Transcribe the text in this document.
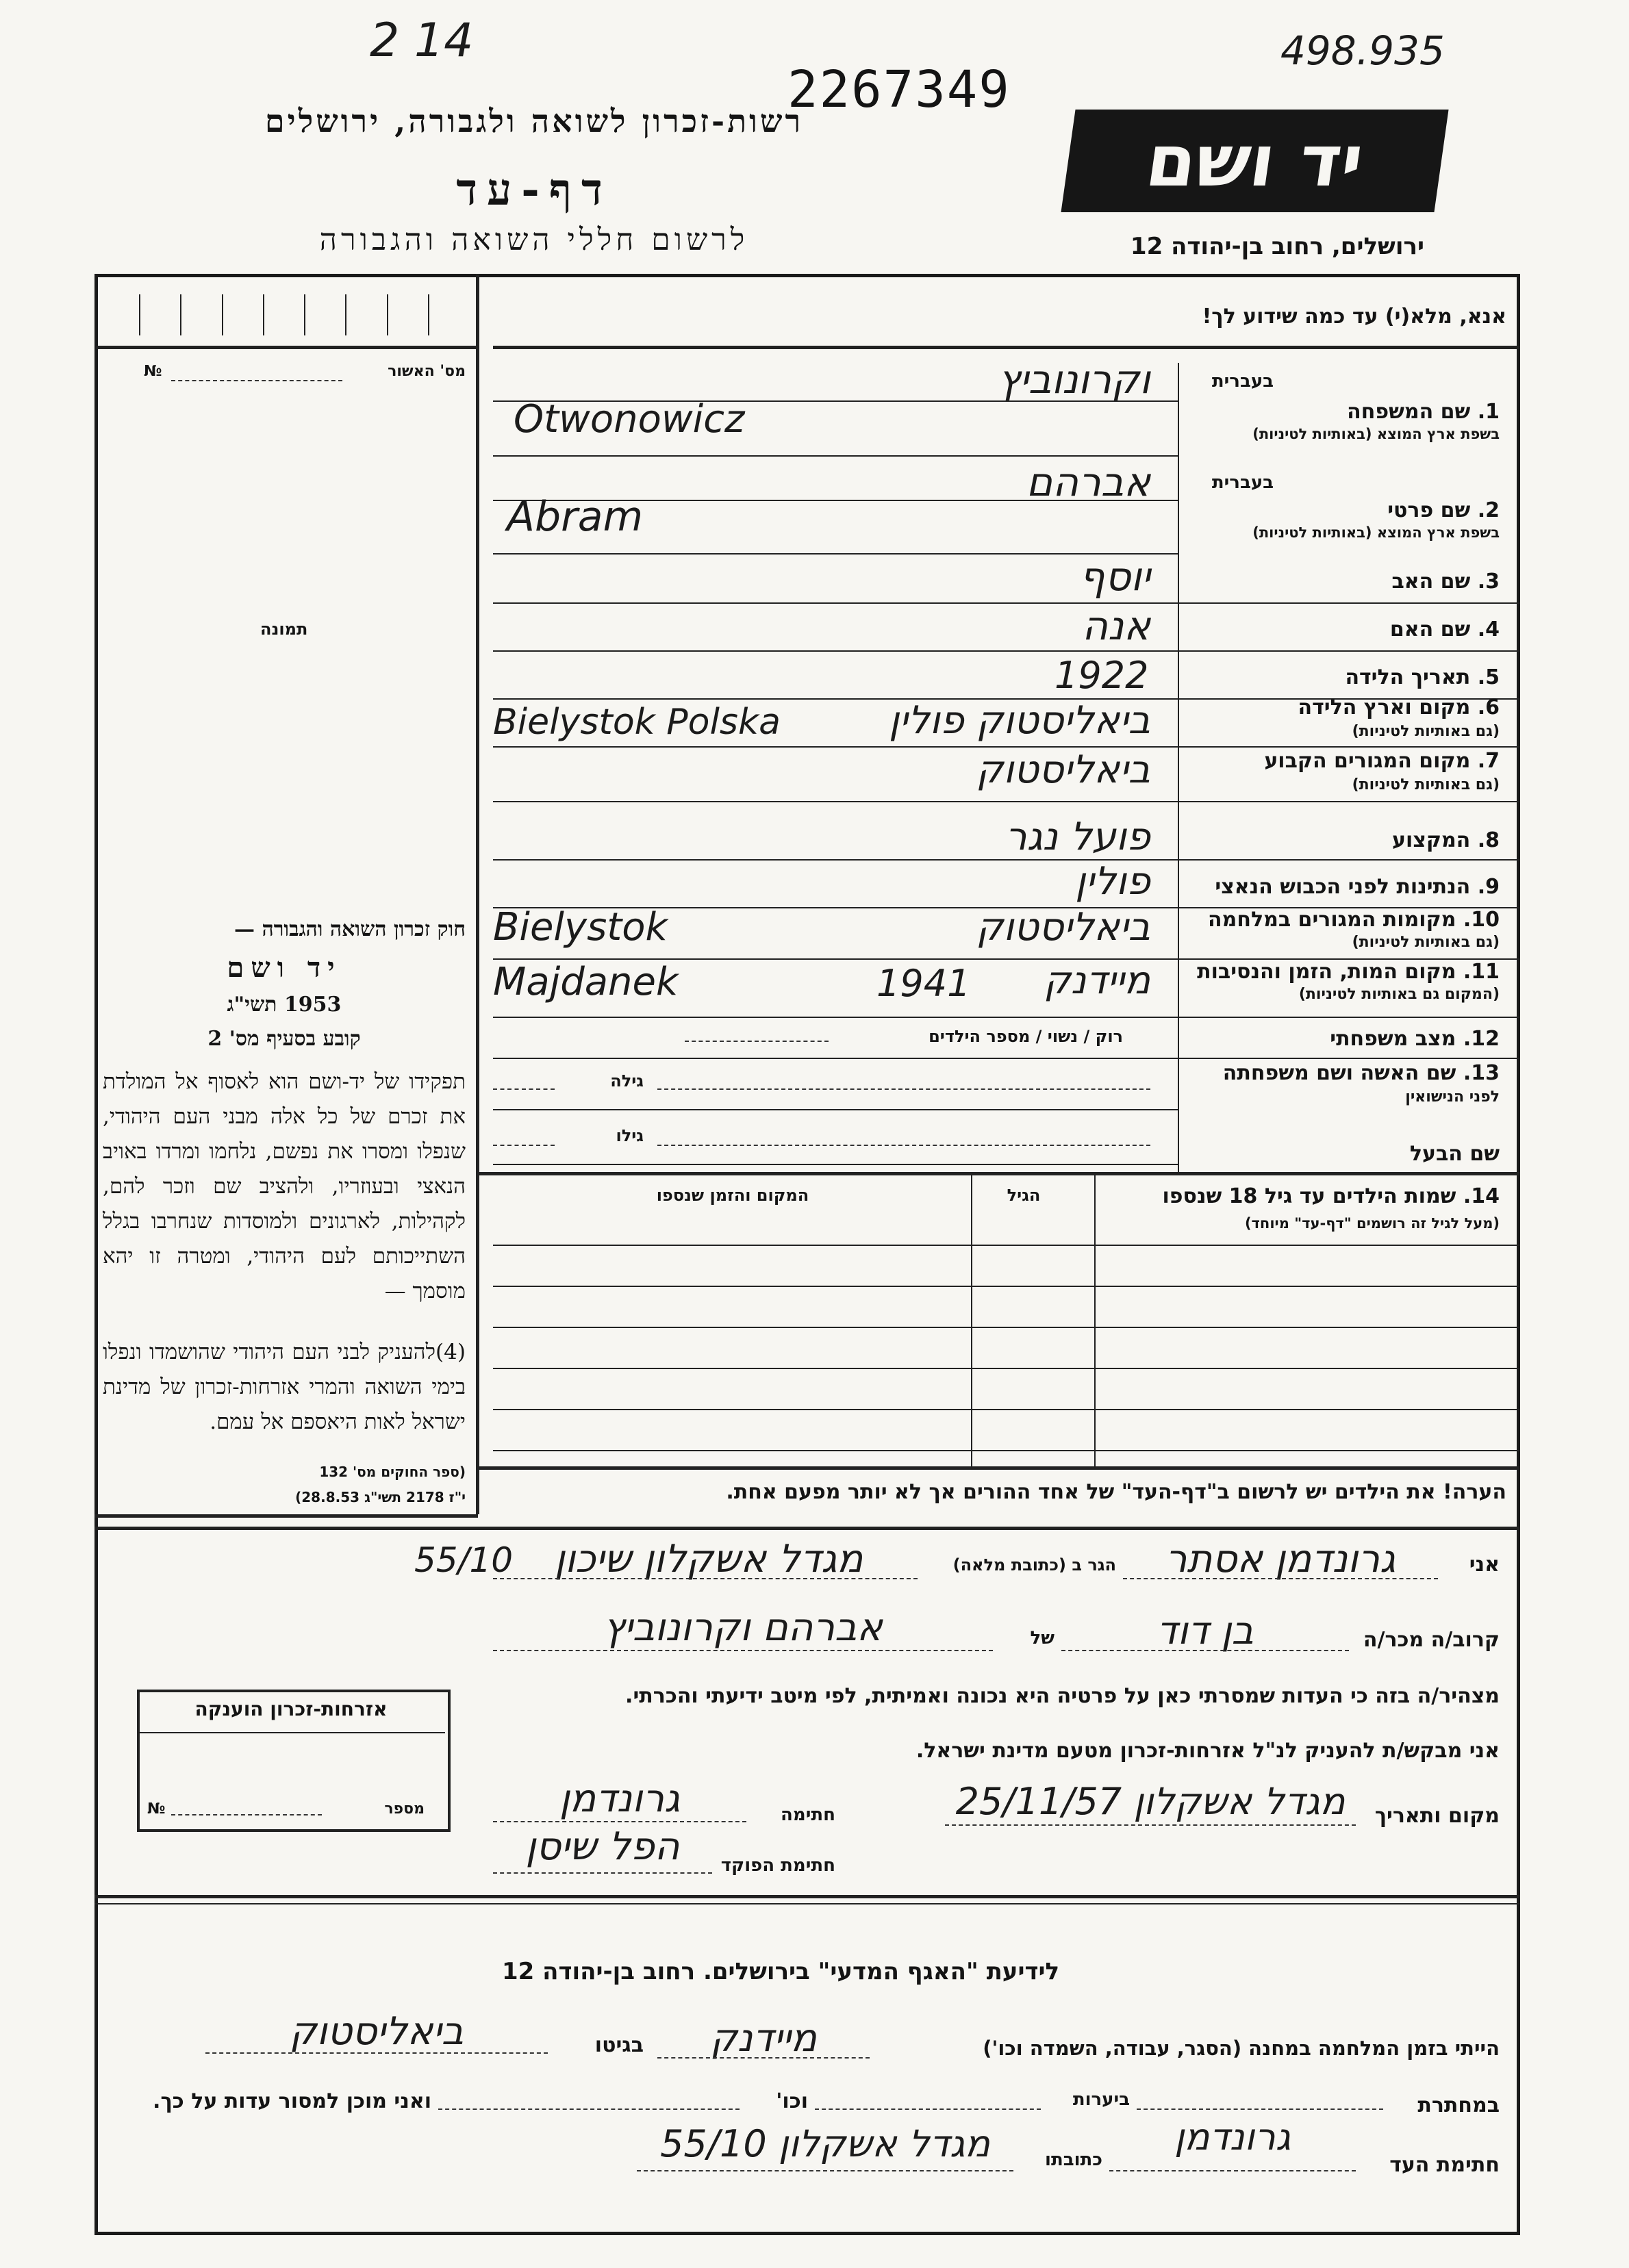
2 14	498.935
2267349
רשות-זכרון לשואה ולגבורה, ירושלים
דף-עד
לרשום חללי השואה והגבורה
יד ושם
ירושלים, רחוב בן-יהודה 12
№	מס' האשור
תמונה
חוק זכרון השואה והגבורה —
יד ושם
1953 תשי"ג
קובע בסעיף מס' 2
תפקידו של יד-ושם הוא לאסוף אל המולדת את זכרם של כל אלה מבני העם היהודי, שנפלו ומסרו את נפשם, נלחמו ומרדו באויב הנאצי ובעוזריו, ולהציב שם וזכר להם, לקהילות, לארגונים ולמוסדות שנחרבו בגלל השתייכותם לעם היהודי, ומטרה זו יהא מוסמך —
(4)להעניק לבני העם היהודי שהושמדו ונפלו בימי השואה והמרי אזרחות-זכרון של מדינת ישראל לאות היאספם אל עמם.
(ספר החוקים מס' 132
י"ז 2178 תשי"ג 28.8.53)
אנא, מלא(י) עד כמה שידוע לך!
בעברית
1. שם המשפחה
בשפת ארץ המוצא (באותיות לטיניות)
וקרונוביץ
Otwonowicz
בעברית
2. שם פרטי
בשפת ארץ המוצא (באותיות לטיניות)
אברהם
Abram
3. שם האב
יוסף
4. שם האם
אנה
5. תאריך הלידה
1922
6. מקום וארץ הלידה
(גם באותיות לטיניות)
ביאליסטוק פולין
Bielystok Polska
7. מקום המגורים הקבוע
(גם באותיות לטיניות)
ביאליסטוק
8. המקצוע
פועל נגר
9. הנתינות לפני הכבוש הנאצי
פולין
10. מקומות המגורים במלחמה
(גם באותיות לטיניות)
ביאליסטוק
Bielystok
11. מקום המות, הזמן והנסיבות
(המקום גם באותיות לטיניות)
מיידנק
1941
Majdanek
12. מצב משפחתי
רוק / נשוי / מספר הילדים
13. שם האשה ושם משפחתה
לפני הנישואין
גילה
שם הבעל
גילו
14. שמות הילדים עד גיל 18 שנספו
(מעל לגיל זה רושמים "דף-עד" מיוחד)
הגיל
המקום והזמן שנספו
הערה! את הילדים יש לרשום ב"דף-העד" של אחד ההורים אך לא יותר מפעם אחת.
אני
גרונדמן אסתר
הגר ב (כתובת מלאה)
מגדל אשקלון שיכון
55/10
קרוב/ה מכר/ה
בן דוד
של
אברהם וקרונוביץ
מצהיר/ה בזה כי העדות שמסרתי כאן על פרטיה היא נכונה ואמיתית, לפי מיטב ידיעתי והכרתי.
אזרחות-זכרון הוענקה
№	מספר
אני מבקש/ת להעניק לנ"ל אזרחות-זכרון מטעם מדינת ישראל.
מקום ותאריך
מגדל אשקלון 25/11/57
חתימה
גרונדמן
חתימת הפוקד
הפל שיסן
לידיעת "האגף המדעי" בירושלים. רחוב בן-יהודה 12
הייתי בזמן המלחמה במחנה (הסגר, עבודה, השמדה וכו')
מיידנק
בגיטו
ביאליסטוק
במחתרת
ביערות
וכו'
ואני מוכן למסור עדות על כך.
חתימת העד
גרונדמן
כתובתו
מגדל אשקלון 55/10
